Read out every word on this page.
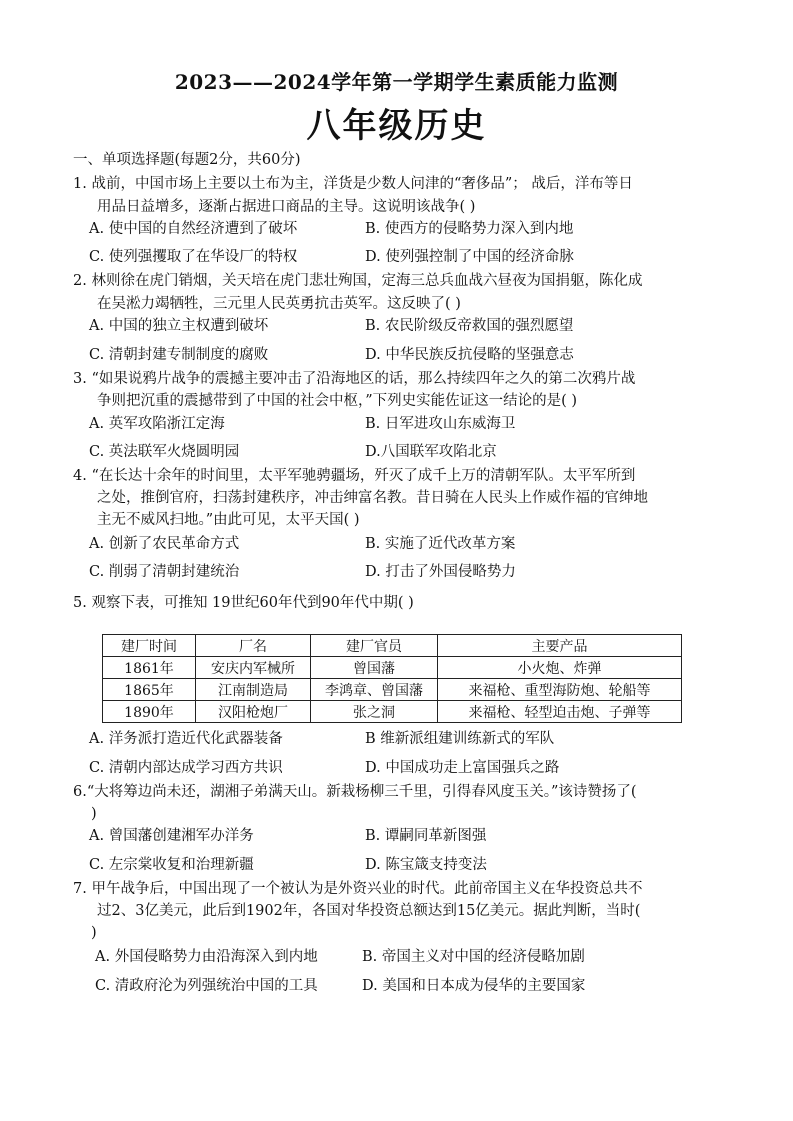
2023——2024学年第一学期学生素质能力监测
八年级历史
一、单项选择题(每题2分，共60分)
1. 战前，中国市场上主要以土布为主，洋货是少数人问津的“奢侈品”； 战后，洋布等日
用品日益增多，逐渐占据进口商品的主导。这说明该战争( )
A. 使中国的自然经济遭到了破坏	B. 使西方的侵略势力深入到内地
C. 使列强攫取了在华设厂的特权	D. 使列强控制了中国的经济命脉
2. 林则徐在虎门销烟，关天培在虎门悲壮殉国，定海三总兵血战六昼夜为国捐躯，陈化成
在吴淞力竭牺牲，三元里人民英勇抗击英军。这反映了( )
A. 中国的独立主权遭到破坏	B. 农民阶级反帝救国的强烈愿望
C. 清朝封建专制制度的腐败	D. 中华民族反抗侵略的坚强意志
3. “如果说鸦片战争的震撼主要冲击了沿海地区的话，那么持续四年之久的第二次鸦片战
争则把沉重的震撼带到了中国的社会中枢，”下列史实能佐证这一结论的是( )
A. 英军攻陷浙江定海	B. 日军进攻山东威海卫
C. 英法联军火烧圆明园	D.八国联军攻陷北京
4. “在长达十余年的时间里，太平军驰骋疆场，歼灭了成千上万的清朝军队。太平军所到
之处，推倒官府，扫荡封建秩序，冲击绅富名教。昔日骑在人民头上作威作福的官绅地
主无不威风扫地。”由此可见，太平天国( )
A. 创新了农民革命方式	B. 实施了近代改革方案
C. 削弱了清朝封建统治	D. 打击了外国侵略势力
5. 观察下表，可推知 19世纪60年代到90年代中期( )
建厂时间	厂名	建厂官员	主要产品
1861年	安庆内军械所	曾国藩	小火炮、炸弹
1865年	江南制造局	李鸿章、曾国藩	来福枪、重型海防炮、轮船等
1890年	汉阳枪炮厂	张之洞	来福枪、轻型迫击炮、子弹等
A. 洋务派打造近代化武器装备	B 维新派组建训练新式的军队
C. 清朝内部达成学习西方共识	D. 中国成功走上富国强兵之路
6.“大将筹边尚未还，湖湘子弟满天山。新栽杨柳三千里，引得春风度玉关。”该诗赞扬了(
)
A. 曾国藩创建湘军办洋务	B. 谭嗣同革新图强
C. 左宗棠收复和治理新疆	D. 陈宝箴支持变法
7. 甲午战争后，中国出现了一个被认为是外资兴业的时代。此前帝国主义在华投资总共不
过2、3亿美元，此后到1902年，各国对华投资总额达到15亿美元。据此判断，当时(
)
A. 外国侵略势力由沿海深入到内地	B. 帝国主义对中国的经济侵略加剧
C. 清政府沦为列强统治中国的工具	D. 美国和日本成为侵华的主要国家
